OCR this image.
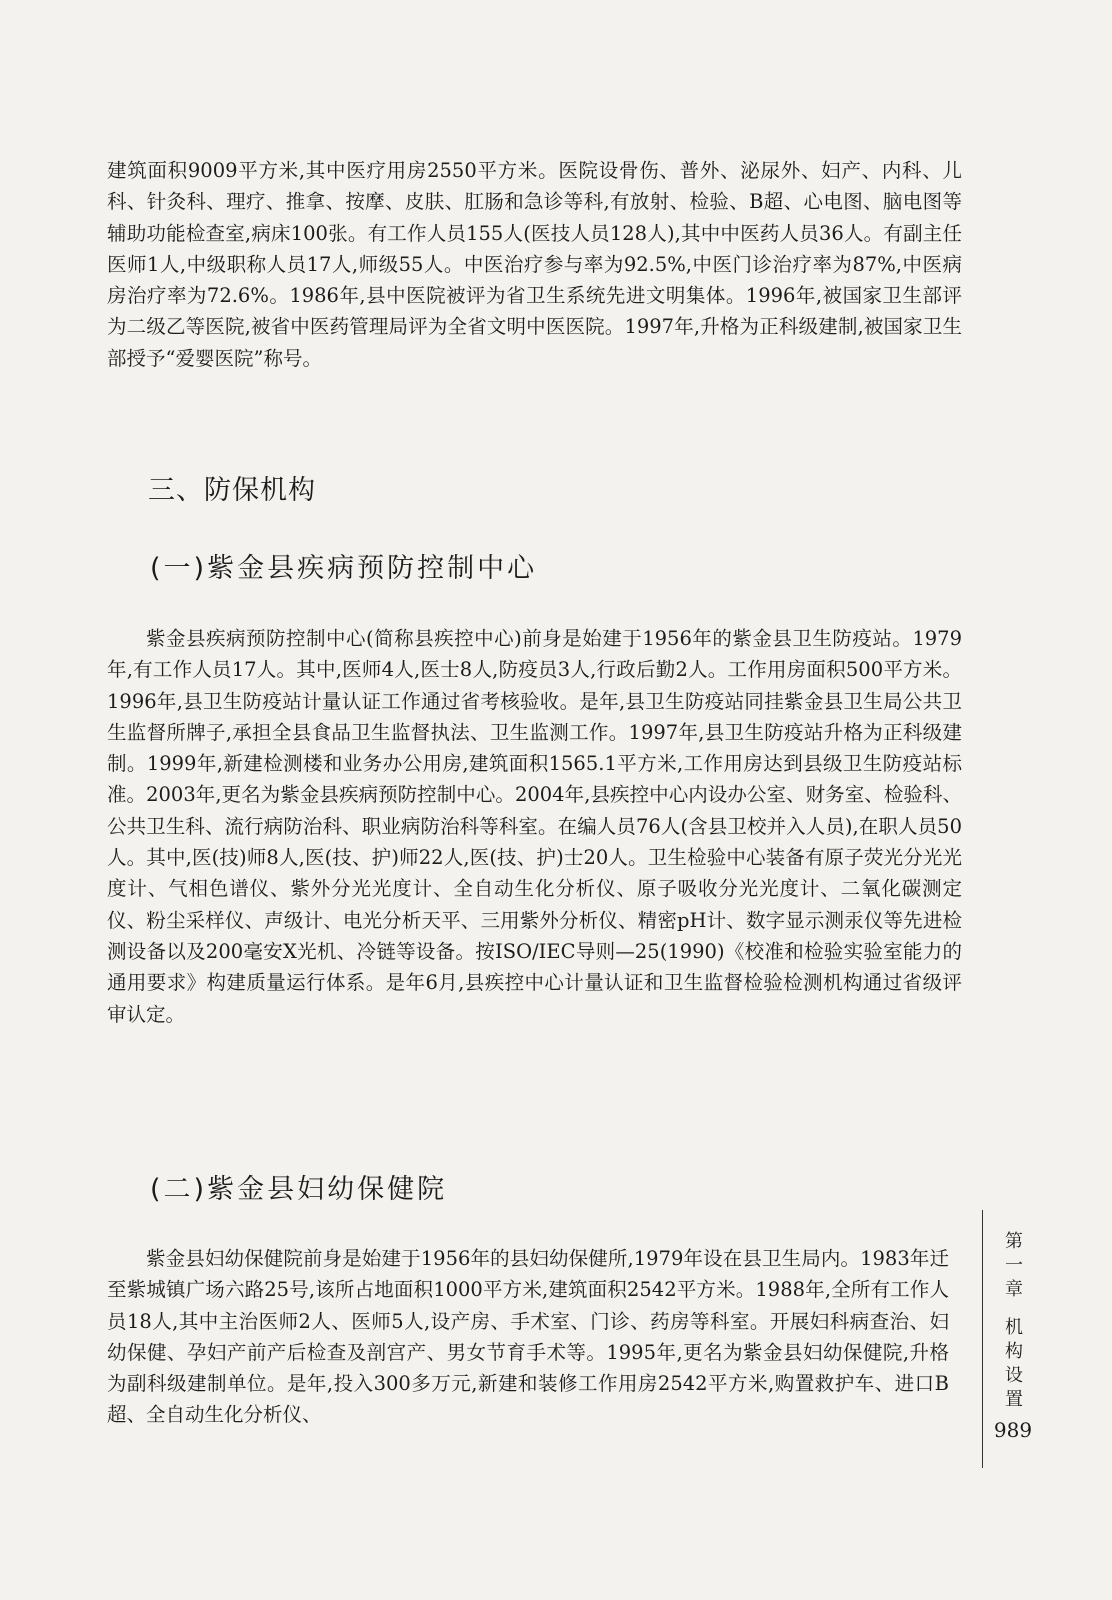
建筑面积9009平方米,其中医疗用房2550平方米。医院设骨伤、普外、泌尿外、妇产、内科、儿科、针灸科、理疗、推拿、按摩、皮肤、肛肠和急诊等科,有放射、检验、B超、心电图、脑电图等辅助功能检查室,病床100张。有工作人员155人(医技人员128人),其中中医药人员36人。有副主任医师1人,中级职称人员17人,师级55人。中医治疗参与率为92.5%,中医门诊治疗率为87%,中医病房治疗率为72.6%。1986年,县中医院被评为省卫生系统先进文明集体。1996年,被国家卫生部评为二级乙等医院,被省中医药管理局评为全省文明中医医院。1997年,升格为正科级建制,被国家卫生部授予“爱婴医院”称号。

三、防保机构
(一)紫金县疾病预防控制中心

紫金县疾病预防控制中心(简称县疾控中心)前身是始建于1956年的紫金县卫生防疫站。1979年,有工作人员17人。其中,医师4人,医士8人,防疫员3人,行政后勤2人。工作用房面积500平方米。1996年,县卫生防疫站计量认证工作通过省考核验收。是年,县卫生防疫站同挂紫金县卫生局公共卫生监督所牌子,承担全县食品卫生监督执法、卫生监测工作。1997年,县卫生防疫站升格为正科级建制。1999年,新建检测楼和业务办公用房,建筑面积1565.1平方米,工作用房达到县级卫生防疫站标准。2003年,更名为紫金县疾病预防控制中心。2004年,县疾控中心内设办公室、财务室、检验科、公共卫生科、流行病防治科、职业病防治科等科室。在编人员76人(含县卫校并入人员),在职人员50人。其中,医(技)师8人,医(技、护)师22人,医(技、护)士20人。卫生检验中心装备有原子荧光分光光度计、气相色谱仪、紫外分光光度计、全自动生化分析仪、原子吸收分光光度计、二氧化碳测定仪、粉尘采样仪、声级计、电光分析天平、三用紫外分析仪、精密pH计、数字显示测汞仪等先进检测设备以及200毫安X光机、冷链等设备。按ISO/IEC导则—25(1990)《校准和检验实验室能力的通用要求》构建质量运行体系。是年6月,县疾控中心计量认证和卫生监督检验检测机构通过省级评审认定。

(二)紫金县妇幼保健院

紫金县妇幼保健院前身是始建于1956年的县妇幼保健所,1979年设在县卫生局内。1983年迁至紫城镇广场六路25号,该所占地面积1000平方米,建筑面积2542平方米。1988年,全所有工作人员18人,其中主治医师2人、医师5人,设产房、手术室、门诊、药房等科室。开展妇科病查治、妇幼保健、孕妇产前产后检查及剖宫产、男女节育手术等。1995年,更名为紫金县妇幼保健院,升格为副科级建制单位。是年,投入300多万元,新建和装修工作用房2542平方米,购置救护车、进口B超、全自动生化分析仪、

第
一
章
机
构
设
置
989
